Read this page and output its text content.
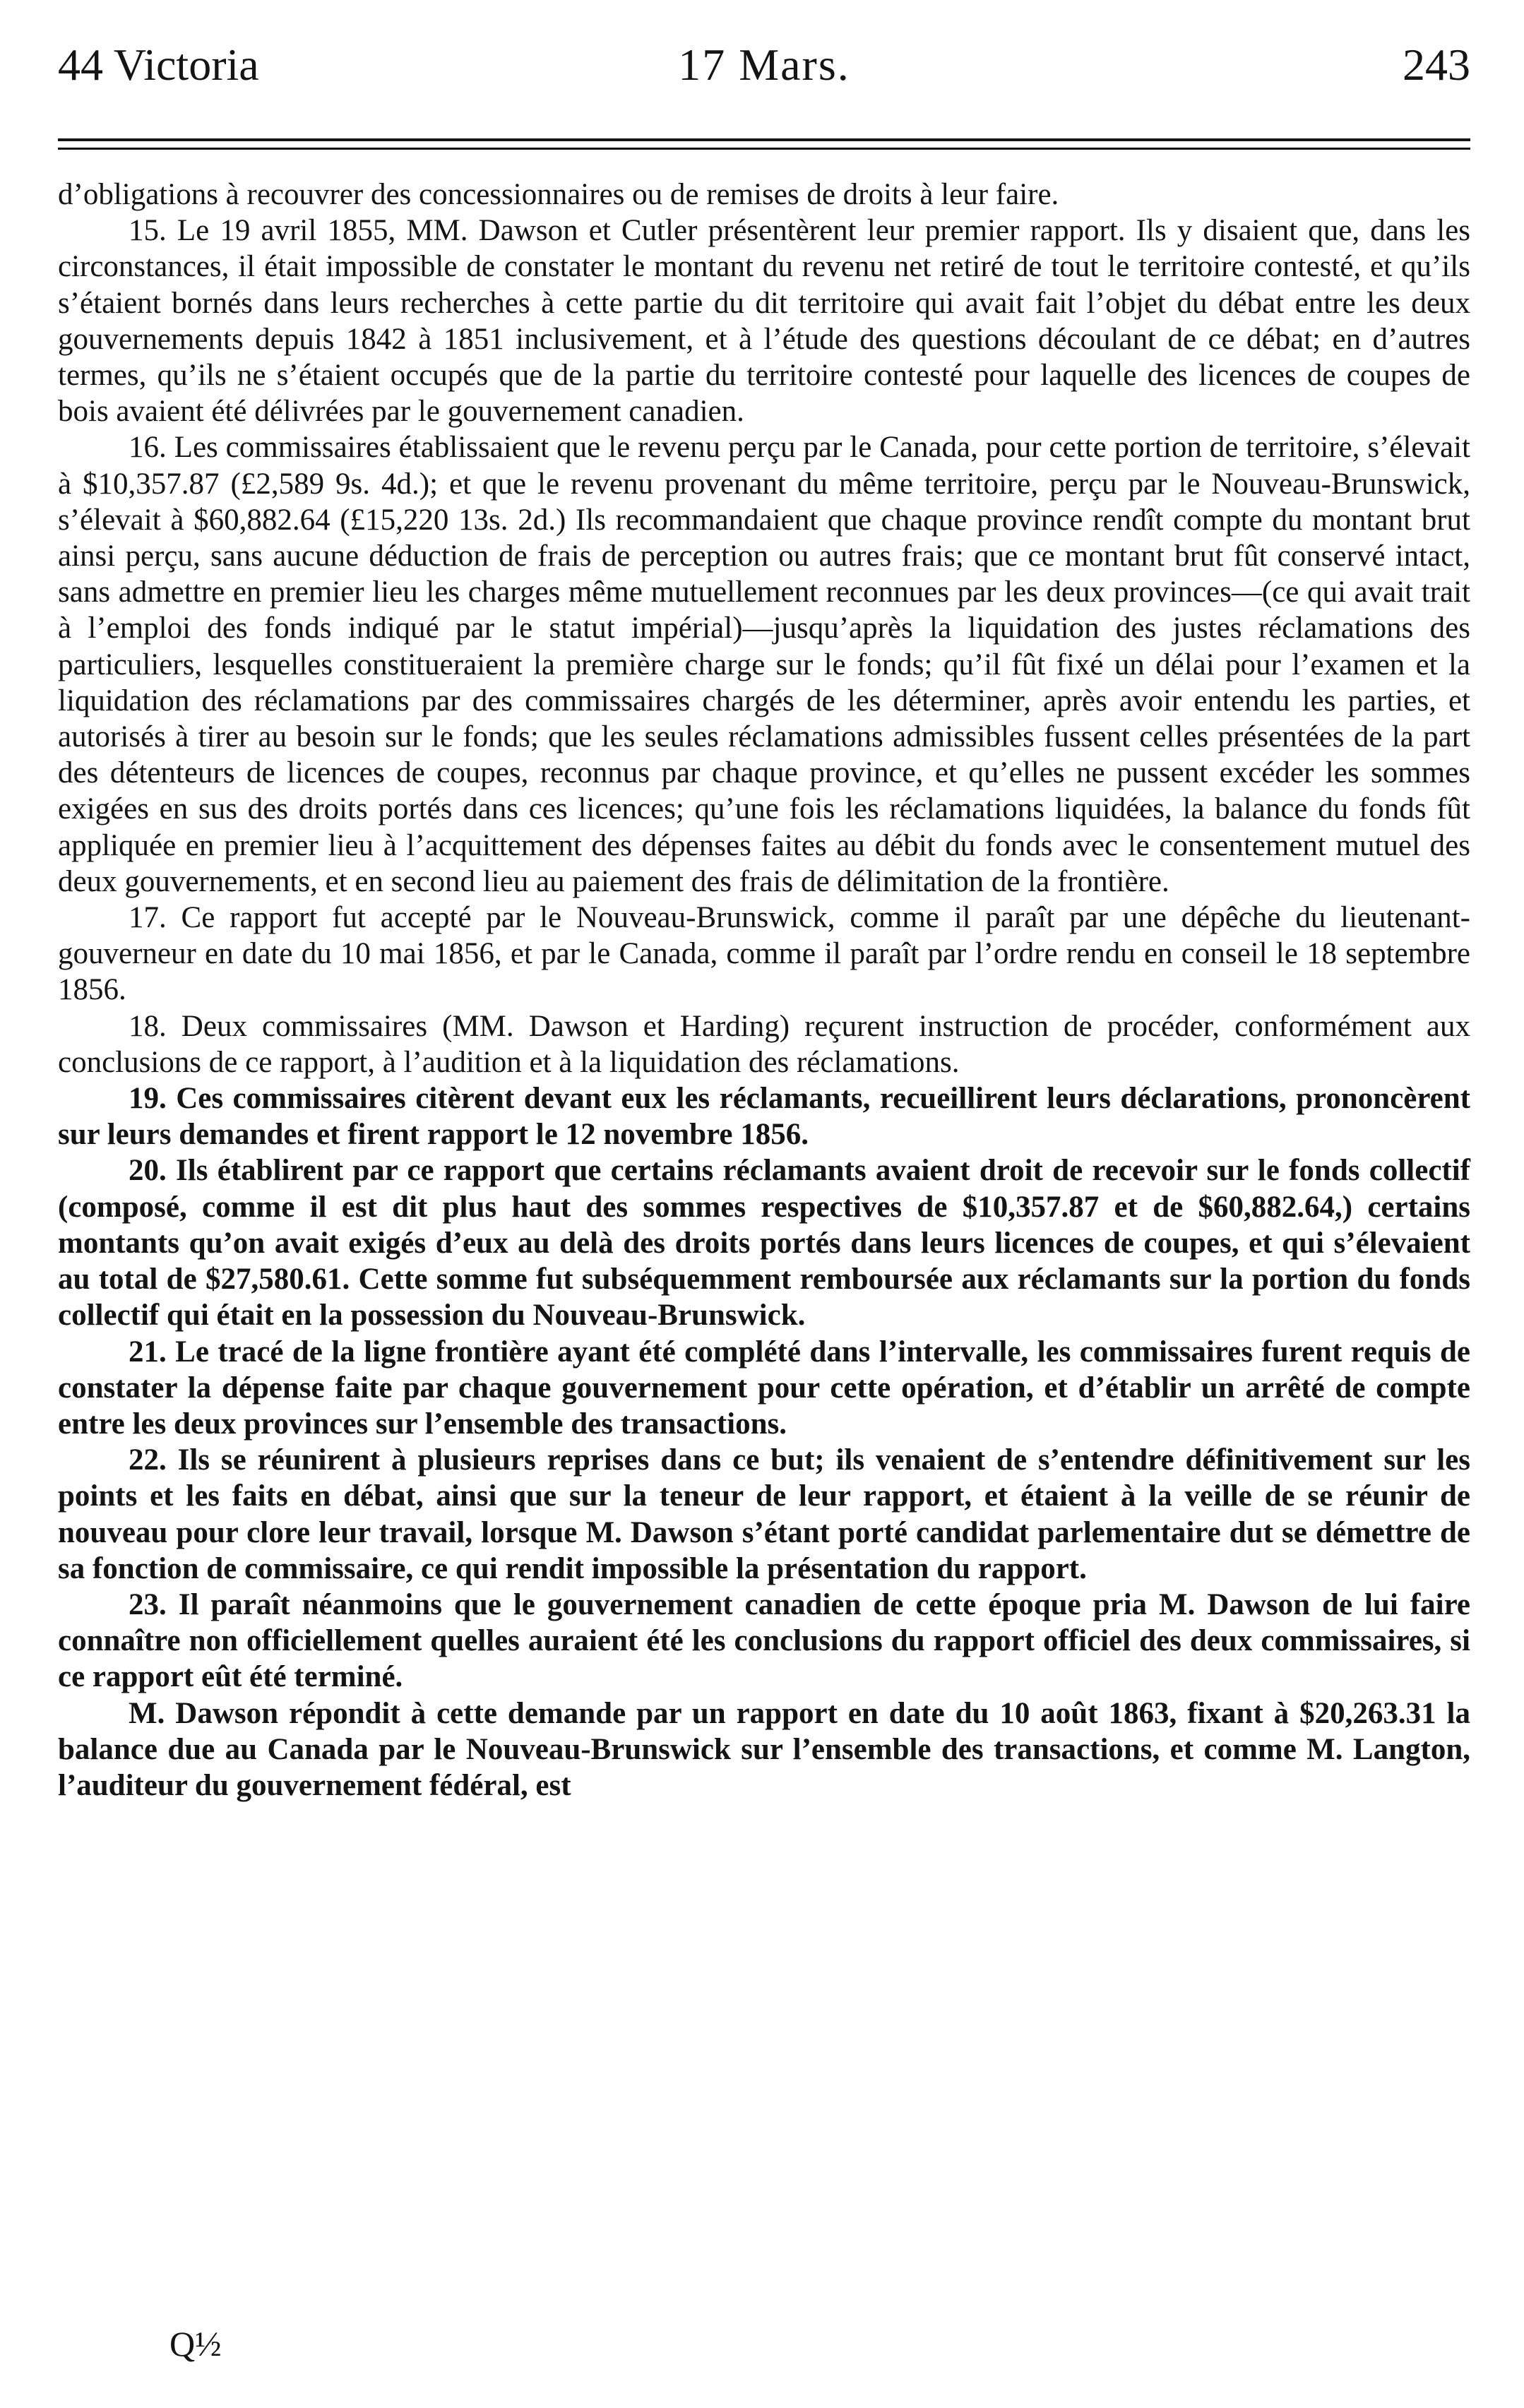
44 Victoria	17 Mars.	243

d’obligations à recouvrer des concessionnaires ou de remises de droits à leur faire.

15. Le 19 avril 1855, MM. Dawson et Cutler présentèrent leur premier rapport. Ils y disaient que, dans les circonstances, il était impossible de constater le montant du revenu net retiré de tout le territoire contesté, et qu’ils s’étaient bornés dans leurs recherches à cette partie du dit territoire qui avait fait l’objet du débat entre les deux gouvernements depuis 1842 à 1851 inclusivement, et à l’étude des questions découlant de ce débat; en d’autres termes, qu’ils ne s’étaient occupés que de la partie du territoire contesté pour laquelle des licences de coupes de bois avaient été délivrées par le gouvernement canadien.

16. Les commissaires établissaient que le revenu perçu par le Canada, pour cette portion de territoire, s’élevait à $10,357.87 (£2,589 9s. 4d.); et que le revenu provenant du même territoire, perçu par le Nouveau-Brunswick, s’élevait à $60,882.64 (£15,220 13s. 2d.) Ils recommandaient que chaque province rendît compte du montant brut ainsi perçu, sans aucune déduction de frais de perception ou autres frais; que ce montant brut fût conservé intact, sans admettre en premier lieu les charges même mutuellement reconnues par les deux provinces—(ce qui avait trait à l’emploi des fonds indiqué par le statut impérial)—jusqu’après la liquidation des justes réclamations des particuliers, lesquelles constitueraient la première charge sur le fonds; qu’il fût fixé un délai pour l’examen et la liquidation des réclamations par des commissaires chargés de les déterminer, après avoir entendu les parties, et autorisés à tirer au besoin sur le fonds; que les seules réclamations admissibles fussent celles présentées de la part des détenteurs de licences de coupes, reconnus par chaque province, et qu’elles ne pussent excéder les sommes exigées en sus des droits portés dans ces licences; qu’une fois les réclamations liquidées, la balance du fonds fût appliquée en premier lieu à l’acquittement des dépenses faites au débit du fonds avec le consentement mutuel des deux gouvernements, et en second lieu au paiement des frais de délimitation de la frontière.

17. Ce rapport fut accepté par le Nouveau-Brunswick, comme il paraît par une dépêche du lieutenant-gouverneur en date du 10 mai 1856, et par le Canada, comme il paraît par l’ordre rendu en conseil le 18 septembre 1856.

18. Deux commissaires (MM. Dawson et Harding) reçurent instruction de procéder, conformément aux conclusions de ce rapport, à l’audition et à la liquidation des réclamations.

19. Ces commissaires citèrent devant eux les réclamants, recueillirent leurs déclarations, prononcèrent sur leurs demandes et firent rapport le 12 novembre 1856.

20. Ils établirent par ce rapport que certains réclamants avaient droit de recevoir sur le fonds collectif (composé, comme il est dit plus haut des sommes respectives de $10,357.87 et de $60,882.64,) certains montants qu’on avait exigés d’eux au delà des droits portés dans leurs licences de coupes, et qui s’élevaient au total de $27,580.61. Cette somme fut subséquemment remboursée aux réclamants sur la portion du fonds collectif qui était en la possession du Nouveau-Brunswick.

21. Le tracé de la ligne frontière ayant été complété dans l’intervalle, les commissaires furent requis de constater la dépense faite par chaque gouvernement pour cette opération, et d’établir un arrêté de compte entre les deux provinces sur l’ensemble des transactions.

22. Ils se réunirent à plusieurs reprises dans ce but; ils venaient de s’entendre définitivement sur les points et les faits en débat, ainsi que sur la teneur de leur rapport, et étaient à la veille de se réunir de nouveau pour clore leur travail, lorsque M. Dawson s’étant porté candidat parlementaire dut se démettre de sa fonction de commissaire, ce qui rendit impossible la présentation du rapport.

23. Il paraît néanmoins que le gouvernement canadien de cette époque pria M. Dawson de lui faire connaître non officiellement quelles auraient été les conclusions du rapport officiel des deux commissaires, si ce rapport eût été terminé.

M. Dawson répondit à cette demande par un rapport en date du 10 août 1863, fixant à $20,263.31 la balance due au Canada par le Nouveau-Brunswick sur l’ensemble des transactions, et comme M. Langton, l’auditeur du gouvernement fédéral, est

Q½
